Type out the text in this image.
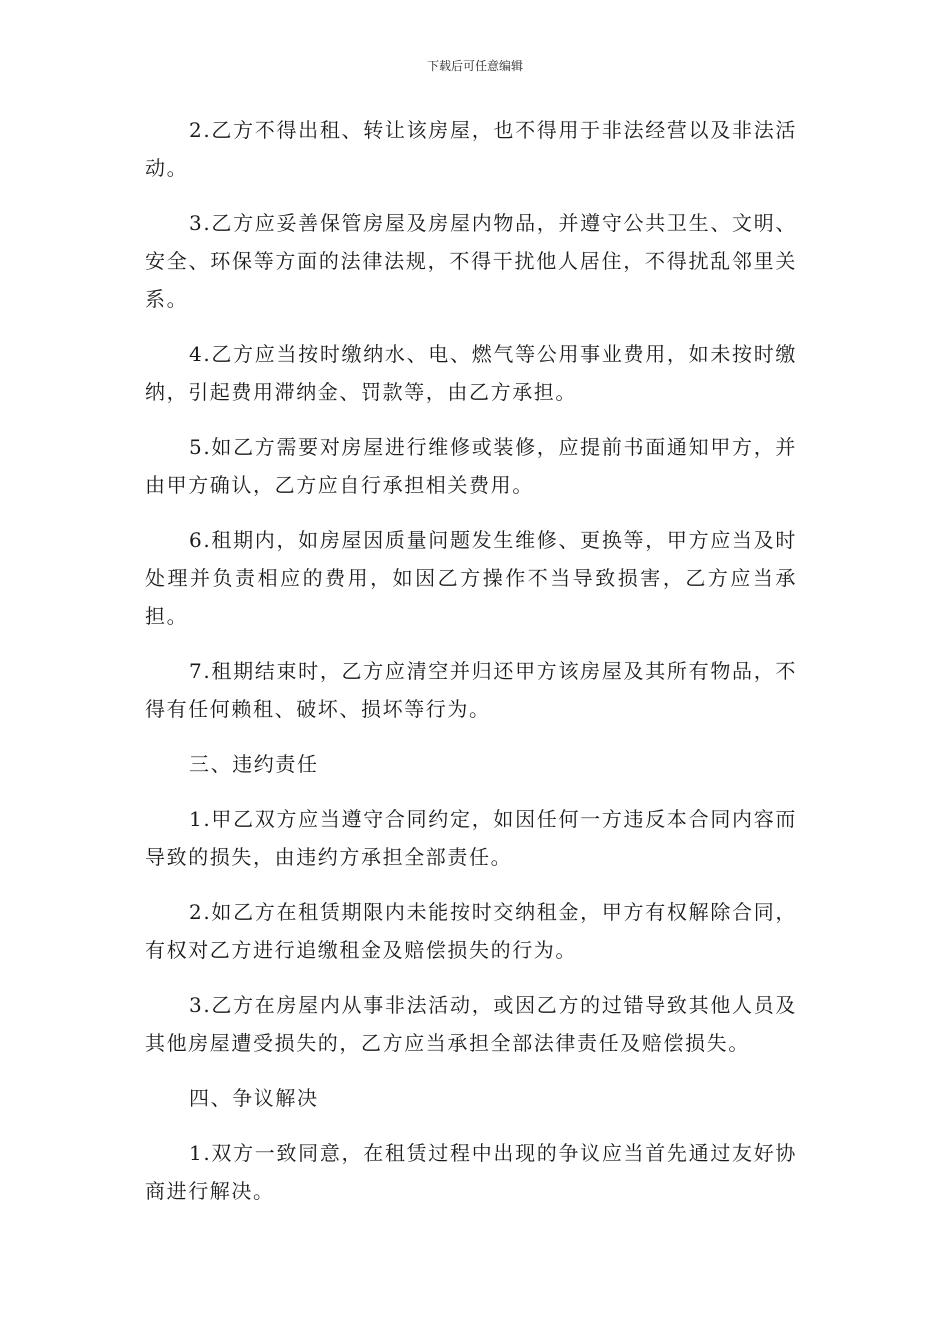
下载后可任意编辑

2.乙方不得出租、转让该房屋，也不得用于非法经营以及非法活动。

3.乙方应妥善保管房屋及房屋内物品，并遵守公共卫生、文明、安全、环保等方面的法律法规，不得干扰他人居住，不得扰乱邻里关系。

4.乙方应当按时缴纳水、电、燃气等公用事业费用，如未按时缴纳，引起费用滞纳金、罚款等，由乙方承担。

5.如乙方需要对房屋进行维修或装修，应提前书面通知甲方，并由甲方确认，乙方应自行承担相关费用。

6.租期内，如房屋因质量问题发生维修、更换等，甲方应当及时处理并负责相应的费用，如因乙方操作不当导致损害，乙方应当承担。

7.租期结束时，乙方应清空并归还甲方该房屋及其所有物品，不得有任何赖租、破坏、损坏等行为。

三、违约责任

1.甲乙双方应当遵守合同约定，如因任何一方违反本合同内容而导致的损失，由违约方承担全部责任。

2.如乙方在租赁期限内未能按时交纳租金，甲方有权解除合同，有权对乙方进行追缴租金及赔偿损失的行为。

3.乙方在房屋内从事非法活动，或因乙方的过错导致其他人员及其他房屋遭受损失的，乙方应当承担全部法律责任及赔偿损失。

四、争议解决

1.双方一致同意，在租赁过程中出现的争议应当首先通过友好协商进行解决。
